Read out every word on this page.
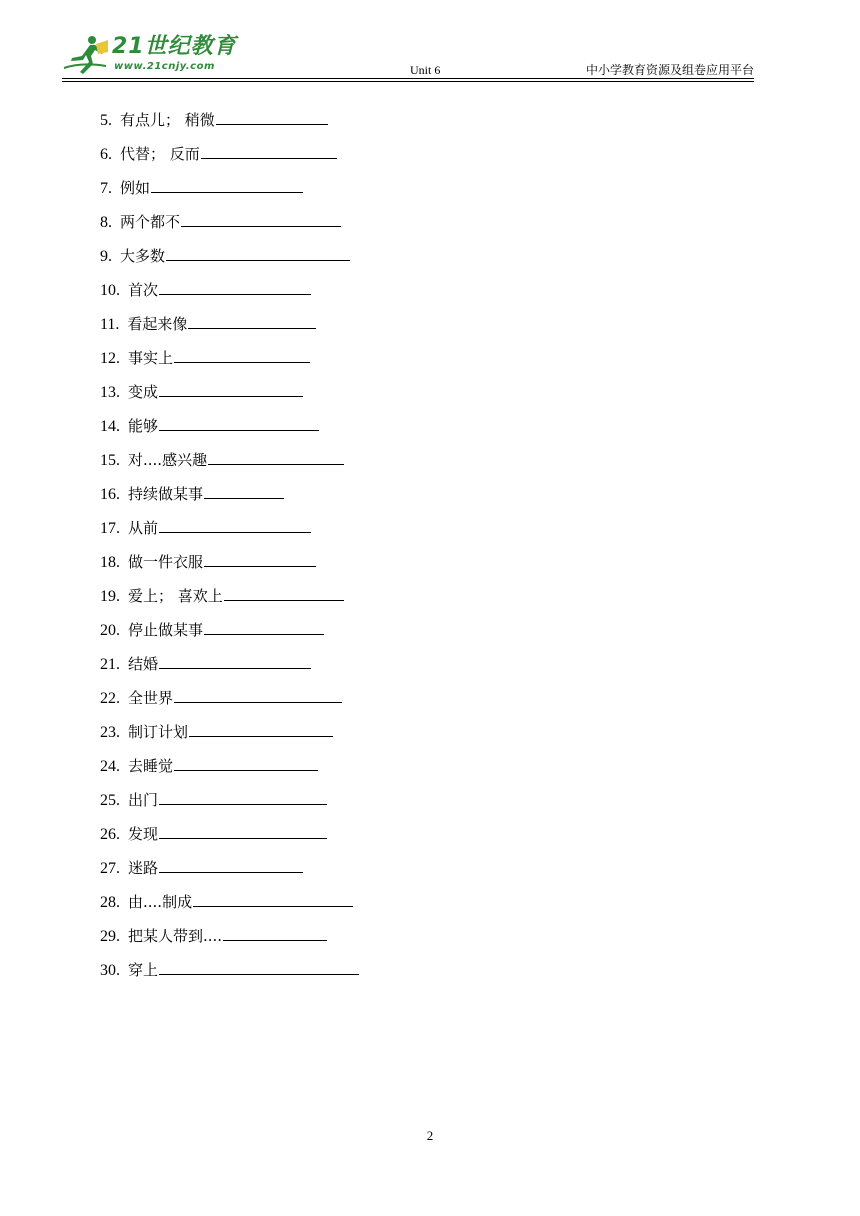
21世纪教育
www.21cnjy.com	Unit 6	中小学教育资源及组卷应用平台
5. 有点儿； 稍微
6. 代替； 反而
7. 例如
8. 两个都不
9. 大多数
10. 首次
11. 看起来像
12. 事实上
13. 变成
14. 能够
15. 对....感兴趣
16. 持续做某事
17. 从前
18. 做一件衣服
19. 爱上； 喜欢上
20. 停止做某事
21. 结婚
22. 全世界
23. 制订计划
24. 去睡觉
25. 出门
26. 发现
27. 迷路
28. 由....制成
29. 把某人带到....
30. 穿上
2
